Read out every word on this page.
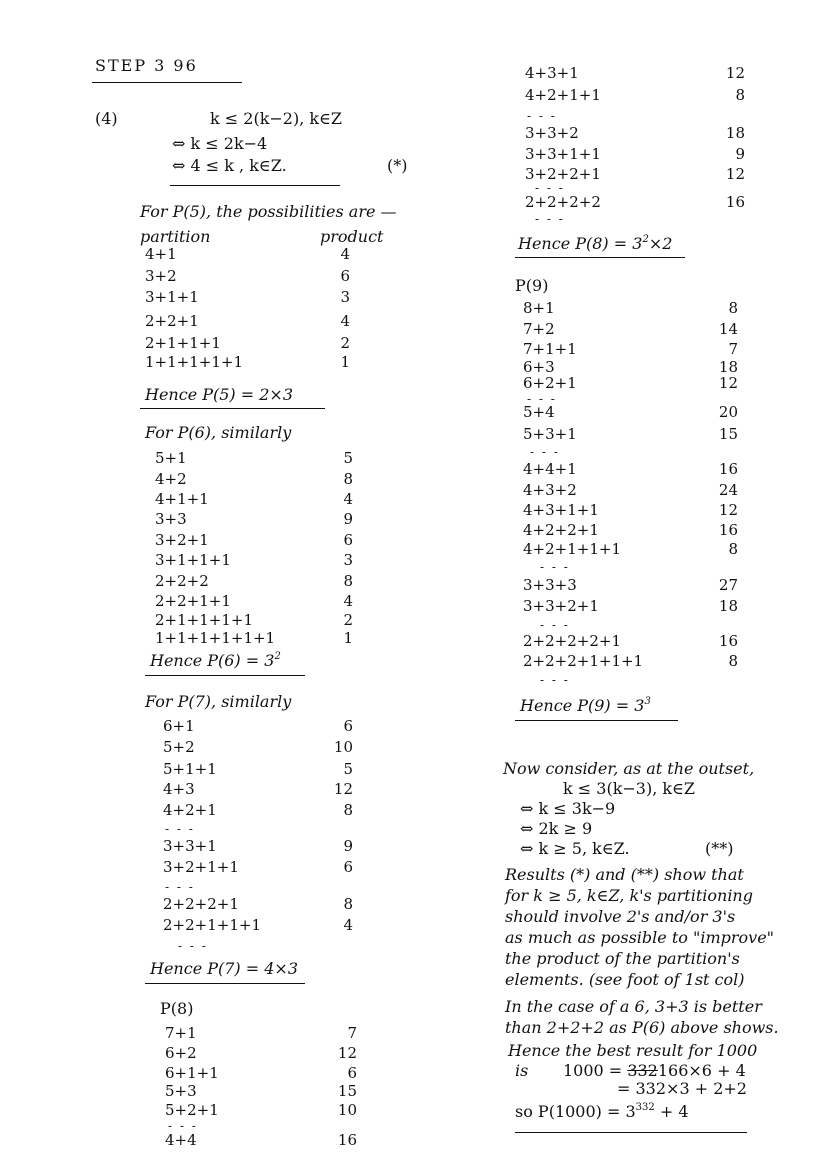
STEP 3 96
(4)	k ≤ 2(k−2), k∈Z
⇔ k ≤ 2k−4
⇔ 4 ≤ k , k∈Z.	(*)
For P(5), the possibilities are —
partition	product
4+1	4
3+2	6
3+1+1	3
2+2+1	4
2+1+1+1	2
1+1+1+1+1	1
Hence P(5) = 2×3
For P(6), similarly
5+1	5
4+2	8
4+1+1	4
3+3	9
3+2+1	6
3+1+1+1	3
2+2+2	8
2+2+1+1	4
2+1+1+1+1	2
1+1+1+1+1+1	1
Hence $P(6) = 3^2$
For P(7), similarly
6+1	6
5+2	10
5+1+1	5
4+3	12
4+2+1	8
3+3+1	9
3+2+1+1	6
2+2+2+1	8
2+2+1+1+1	4
- - -
- - -
- - -
Hence P(7) = 4×3
P(8)
7+1	7
6+2	12
6+1+1	6
5+3	15
5+2+1	10
4+4	16
- - -
4+3+1	12
4+2+1+1	8
3+3+2	18
3+3+1+1	9
3+2+2+1	12
2+2+2+2	16
- - -
- - -
- - -
Hence $P(8) = 3^2\times 2$
P(9)
8+1	8
7+2	14
7+1+1	7
6+3	18
6+2+1	12
5+4	20
5+3+1	15
4+4+1	16
4+3+2	24
4+3+1+1	12
4+2+2+1	16
4+2+1+1+1	8
3+3+3	27
3+3+2+1	18
2+2+2+2+1	16
2+2+2+1+1+1	8
- - -
- - -
- - -
- - -
- - -
Hence $P(9) = 3^3$
Now consider, as at the outset,
k ≤ 3(k−3), k∈Z
⇔ k ≤ 3k−9
⇔ 2k ≥ 9
⇔ k ≥ 5, k∈Z.	(**)
Results (*) and (**) show that
for k ≥ 5, k∈Z, k's partitioning
should involve 2's and/or 3's
as much as possible to "improve"
the product of the partition's
elements. (see foot of 1st col)
In the case of a 6, 3+3 is better
than 2+2+2 as P(6) above shows.
Hence the best result for 1000
is 1000 = 332166×6 + 4
= 332×3 + 2+2
so $P(1000) = 3^{332} + 4$
